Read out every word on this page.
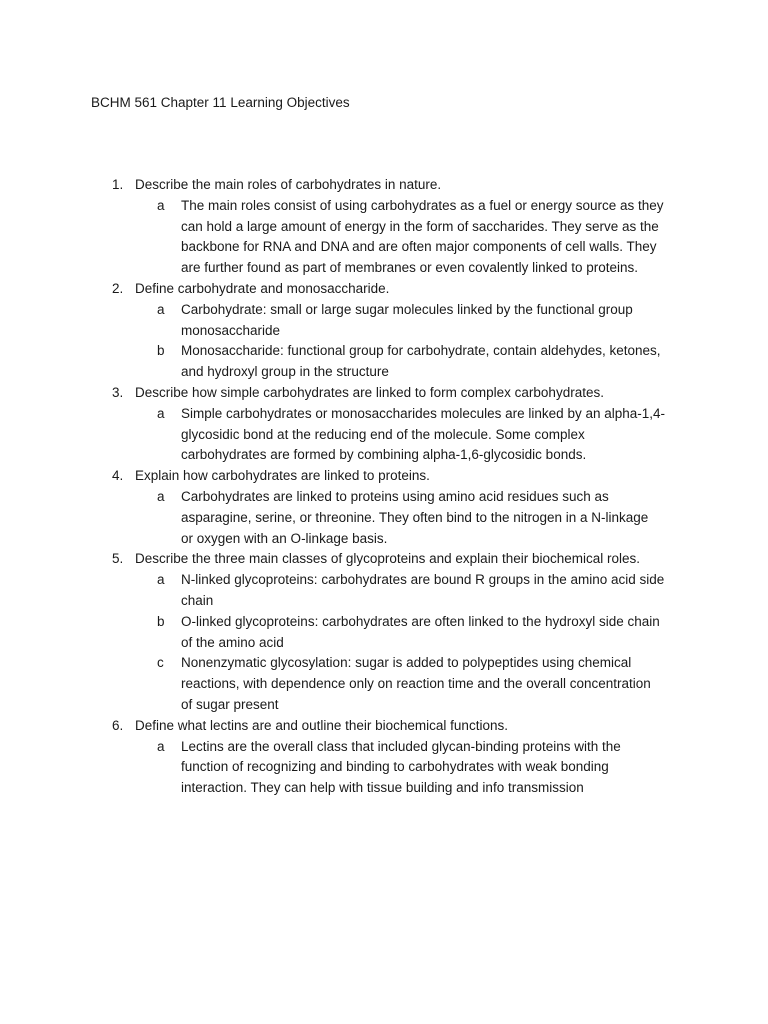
BCHM 561 Chapter 11 Learning Objectives
1. Describe the main roles of carbohydrates in nature.
a The main roles consist of using carbohydrates as a fuel or energy source as they
can hold a large amount of energy in the form of saccharides. They serve as the
backbone for RNA and DNA and are often major components of cell walls. They
are further found as part of membranes or even covalently linked to proteins.
2. Define carbohydrate and monosaccharide.
a Carbohydrate: small or large sugar molecules linked by the functional group
monosaccharide
b Monosaccharide: functional group for carbohydrate, contain aldehydes, ketones,
and hydroxyl group in the structure
3. Describe how simple carbohydrates are linked to form complex carbohydrates.
a Simple carbohydrates or monosaccharides molecules are linked by an alpha-1,4-
glycosidic bond at the reducing end of the molecule. Some complex
carbohydrates are formed by combining alpha-1,6-glycosidic bonds.
4. Explain how carbohydrates are linked to proteins.
a Carbohydrates are linked to proteins using amino acid residues such as
asparagine, serine, or threonine. They often bind to the nitrogen in a N-linkage
or oxygen with an O-linkage basis.
5. Describe the three main classes of glycoproteins and explain their biochemical roles.
a N-linked glycoproteins: carbohydrates are bound R groups in the amino acid side
chain
b O-linked glycoproteins: carbohydrates are often linked to the hydroxyl side chain
of the amino acid
c Nonenzymatic glycosylation: sugar is added to polypeptides using chemical
reactions, with dependence only on reaction time and the overall concentration
of sugar present
6. Define what lectins are and outline their biochemical functions.
a Lectins are the overall class that included glycan-binding proteins with the
function of recognizing and binding to carbohydrates with weak bonding
interaction. They can help with tissue building and info transmission
